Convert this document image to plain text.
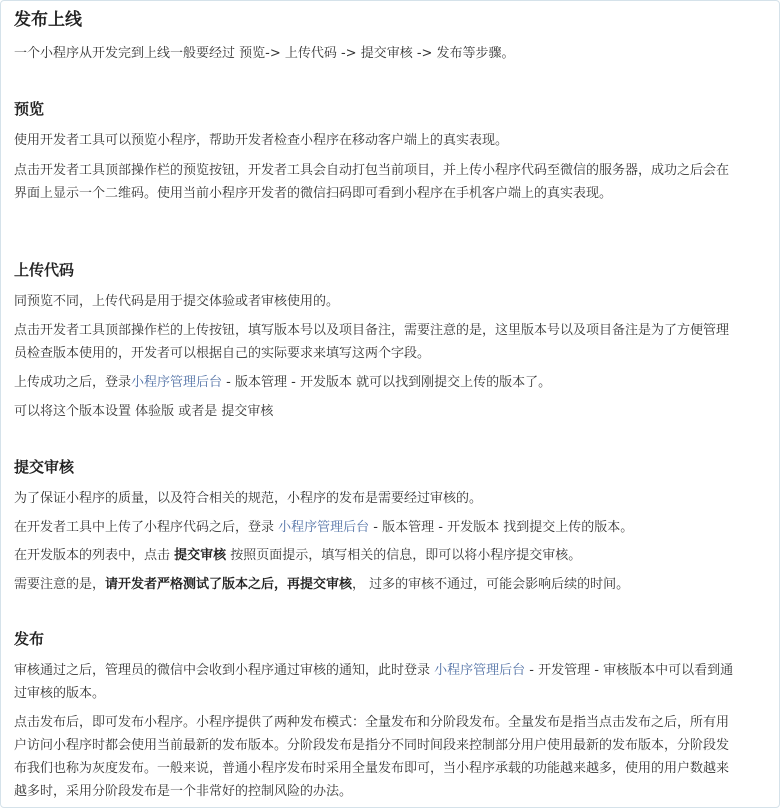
发布上线
一个小程序从开发完到上线一般要经过 预览-> 上传代码 -> 提交审核 -> 发布等步骤。
预览
使用开发者工具可以预览小程序，帮助开发者检查小程序在移动客户端上的真实表现。
点击开发者工具顶部操作栏的预览按钮，开发者工具会自动打包当前项目，并上传小程序代码至微信的服务器，成功之后会在界面上显示一个二维码。使用当前小程序开发者的微信扫码即可看到小程序在手机客户端上的真实表现。
上传代码
同预览不同，上传代码是用于提交体验或者审核使用的。
点击开发者工具顶部操作栏的上传按钮，填写版本号以及项目备注，需要注意的是，这里版本号以及项目备注是为了方便管理员检查版本使用的，开发者可以根据自己的实际要求来填写这两个字段。
上传成功之后，登录小程序管理后台 - 版本管理 - 开发版本 就可以找到刚提交上传的版本了。
可以将这个版本设置 体验版 或者是 提交审核
提交审核
为了保证小程序的质量，以及符合相关的规范，小程序的发布是需要经过审核的。
在开发者工具中上传了小程序代码之后，登录 小程序管理后台 - 版本管理 - 开发版本 找到提交上传的版本。
在开发版本的列表中，点击 提交审核 按照页面提示，填写相关的信息，即可以将小程序提交审核。
需要注意的是，请开发者严格测试了版本之后，再提交审核， 过多的审核不通过，可能会影响后续的时间。
发布
审核通过之后，管理员的微信中会收到小程序通过审核的通知，此时登录 小程序管理后台 - 开发管理 - 审核版本中可以看到通过审核的版本。
点击发布后，即可发布小程序。小程序提供了两种发布模式：全量发布和分阶段发布。全量发布是指当点击发布之后，所有用户访问小程序时都会使用当前最新的发布版本。分阶段发布是指分不同时间段来控制部分用户使用最新的发布版本，分阶段发布我们也称为灰度发布。一般来说，普通小程序发布时采用全量发布即可，当小程序承载的功能越来越多，使用的用户数越来越多时，采用分阶段发布是一个非常好的控制风险的办法。
